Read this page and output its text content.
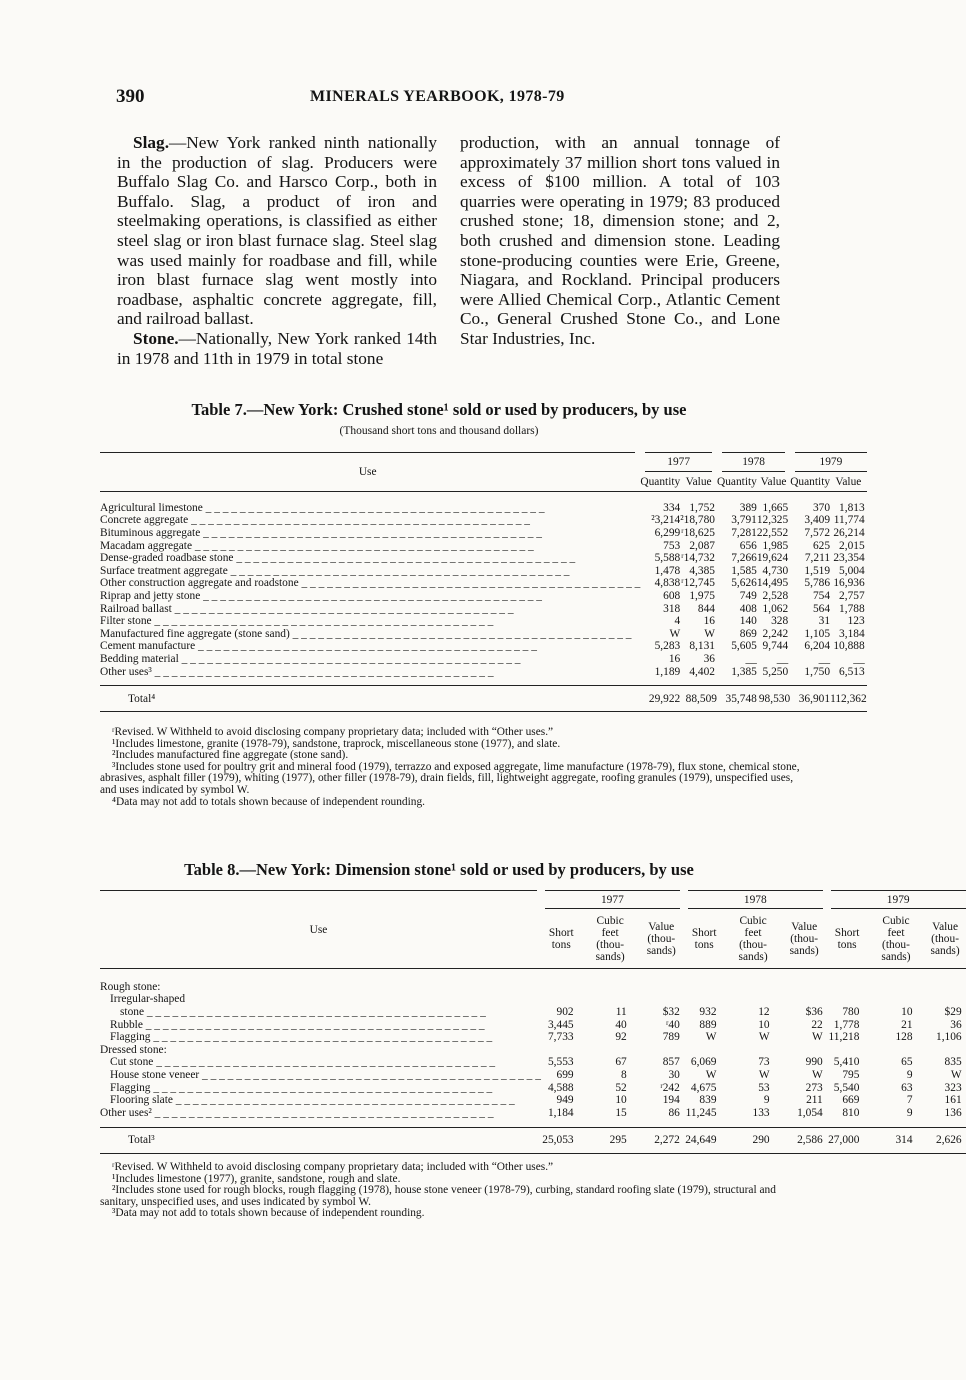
390	MINERALS YEARBOOK, 1978-79

Slag.—New York ranked ninth nationally in the production of slag. Producers were Buffalo Slag Co. and Harsco Corp., both in Buffalo. Slag, a product of iron and steelmaking operations, is classified as either steel slag or iron blast furnace slag. Steel slag was used mainly for roadbase and fill, while iron blast furnace slag went mostly into roadbase, asphaltic concrete aggregate, fill, and railroad ballast.

Stone.—Nationally, New York ranked 14th in 1978 and 11th in 1979 in total stone

production, with an annual tonnage of approximately 37 million short tons valued in excess of $100 million. A total of 103 quarries were operating in 1979; 83 produced crushed stone; 18, dimension stone; and 2, both crushed and dimension stone. Leading stone-producing counties were Erie, Greene, Niagara, and Rockland. Principal producers were Allied Chemical Corp., Atlantic Cement Co., General Crushed Stone Co., and Lone Star Industries, Inc.

Table 7.—New York: Crushed stone¹ sold or used by producers, by use
(Thousand short tons and thousand dollars)
Use	1977		1978		1979	
	Quantity	Value	Quantity	Value	Quantity	Value

Agricultural limestone _ _ _ _ _ _ _ _ _ _ _ _ _ _ _ _ _ _ _ _ _ _ _ _ _ _ _ _ _ _ _ _ _ _ _ _ _ _ _ _	334	1,752	389	1,665	370	1,813
Concrete aggregate _ _ _ _ _ _ _ _ _ _ _ _ _ _ _ _ _ _ _ _ _ _ _ _ _ _ _ _ _ _ _ _ _ _ _ _ _ _ _ _	²3,214	²18,780	3,791	12,325	3,409	11,774
Bituminous aggregate _ _ _ _ _ _ _ _ _ _ _ _ _ _ _ _ _ _ _ _ _ _ _ _ _ _ _ _ _ _ _ _ _ _ _ _ _ _ _ _	6,299	ʳ18,625	7,281	22,552	7,572	26,214
Macadam aggregate _ _ _ _ _ _ _ _ _ _ _ _ _ _ _ _ _ _ _ _ _ _ _ _ _ _ _ _ _ _ _ _ _ _ _ _ _ _ _ _	753	2,087	656	1,985	625	2,015
Dense-graded roadbase stone _ _ _ _ _ _ _ _ _ _ _ _ _ _ _ _ _ _ _ _ _ _ _ _ _ _ _ _ _ _ _ _ _ _ _ _ _ _ _ _	5,588	ʳ14,732	7,266	19,624	7,211	23,354
Surface treatment aggregate _ _ _ _ _ _ _ _ _ _ _ _ _ _ _ _ _ _ _ _ _ _ _ _ _ _ _ _ _ _ _ _ _ _ _ _ _ _ _ _	1,478	4,385	1,585	4,730	1,519	5,004
Other construction aggregate and roadstone _ _ _ _ _ _ _ _ _ _ _ _ _ _ _ _ _ _ _ _ _ _ _ _ _ _ _ _ _ _ _ _ _ _ _ _ _ _ _ _	4,838	ʳ12,745	5,626	14,495	5,786	16,936
Riprap and jetty stone _ _ _ _ _ _ _ _ _ _ _ _ _ _ _ _ _ _ _ _ _ _ _ _ _ _ _ _ _ _ _ _ _ _ _ _ _ _ _ _	608	1,975	749	2,528	754	2,757
Railroad ballast _ _ _ _ _ _ _ _ _ _ _ _ _ _ _ _ _ _ _ _ _ _ _ _ _ _ _ _ _ _ _ _ _ _ _ _ _ _ _ _	318	844	408	1,062	564	1,788
Filter stone _ _ _ _ _ _ _ _ _ _ _ _ _ _ _ _ _ _ _ _ _ _ _ _ _ _ _ _ _ _ _ _ _ _ _ _ _ _ _ _	4	16	140	328	31	123
Manufactured fine aggregate (stone sand) _ _ _ _ _ _ _ _ _ _ _ _ _ _ _ _ _ _ _ _ _ _ _ _ _ _ _ _ _ _ _ _ _ _ _ _ _ _ _ _	W	W	869	2,242	1,105	3,184
Cement manufacture _ _ _ _ _ _ _ _ _ _ _ _ _ _ _ _ _ _ _ _ _ _ _ _ _ _ _ _ _ _ _ _ _ _ _ _ _ _ _ _	5,283	8,131	5,605	9,744	6,204	10,888
Bedding material _ _ _ _ _ _ _ _ _ _ _ _ _ _ _ _ _ _ _ _ _ _ _ _ _ _ _ _ _ _ _ _ _ _ _ _ _ _ _ _	16	36	__	__	__	__
Other uses³ _ _ _ _ _ _ _ _ _ _ _ _ _ _ _ _ _ _ _ _ _ _ _ _ _ _ _ _ _ _ _ _ _ _ _ _ _ _ _ _	1,189	4,402	1,385	5,250	1,750	6,513

Total⁴	29,922	88,509	35,748	98,530	36,901	112,362

ʳRevised. W Withheld to avoid disclosing company proprietary data; included with “Other uses.”

¹Includes limestone, granite (1978-79), sandstone, traprock, miscellaneous stone (1977), and slate.

²Includes manufactured fine aggregate (stone sand).

³Includes stone used for poultry grit and mineral food (1979), terrazzo and exposed aggregate, lime manufacture (1978-79), flux stone, chemical stone, abrasives, asphalt filler (1979), whiting (1977), other filler (1978-79), drain fields, fill, lightweight aggregate, roofing granules (1979), unspecified uses, and uses indicated by symbol W.

⁴Data may not add to totals shown because of independent rounding.

Table 8.—New York: Dimension stone¹ sold or used by producers, by use
Use	1977			1978			1979		
	Short tons	Cubic feet (thou-sands)	Value (thou-sands)	Short tons	Cubic feet (thou-sands)	Value (thou-sands)	Short tons	Cubic feet (thou-sands)	Value (thou-sands)

Rough stone:									
Irregular-shaped									
stone _ _ _ _ _ _ _ _ _ _ _ _ _ _ _ _ _ _ _ _ _ _ _ _ _ _ _ _ _ _ _ _ _ _ _ _ _ _ _ _	902	11	$32	932	12	$36	780	10	$29
Rubble _ _ _ _ _ _ _ _ _ _ _ _ _ _ _ _ _ _ _ _ _ _ _ _ _ _ _ _ _ _ _ _ _ _ _ _ _ _ _ _	3,445	40	ʳ40	889	10	22	1,778	21	36
Flagging _ _ _ _ _ _ _ _ _ _ _ _ _ _ _ _ _ _ _ _ _ _ _ _ _ _ _ _ _ _ _ _ _ _ _ _ _ _ _ _	7,733	92	789	W	W	W	11,218	128	1,106
Dressed stone:									
Cut stone _ _ _ _ _ _ _ _ _ _ _ _ _ _ _ _ _ _ _ _ _ _ _ _ _ _ _ _ _ _ _ _ _ _ _ _ _ _ _ _	5,553	67	857	6,069	73	990	5,410	65	835
House stone veneer _ _ _ _ _ _ _ _ _ _ _ _ _ _ _ _ _ _ _ _ _ _ _ _ _ _ _ _ _ _ _ _ _ _ _ _ _ _ _ _	699	8	30	W	W	W	795	9	W
Flagging _ _ _ _ _ _ _ _ _ _ _ _ _ _ _ _ _ _ _ _ _ _ _ _ _ _ _ _ _ _ _ _ _ _ _ _ _ _ _ _	4,588	52	ʳ242	4,675	53	273	5,540	63	323
Flooring slate _ _ _ _ _ _ _ _ _ _ _ _ _ _ _ _ _ _ _ _ _ _ _ _ _ _ _ _ _ _ _ _ _ _ _ _ _ _ _ _	949	10	194	839	9	211	669	7	161
Other uses² _ _ _ _ _ _ _ _ _ _ _ _ _ _ _ _ _ _ _ _ _ _ _ _ _ _ _ _ _ _ _ _ _ _ _ _ _ _ _ _	1,184	15	86	11,245	133	1,054	810	9	136

Total³	25,053	295	2,272	24,649	290	2,586	27,000	314	2,626

ʳRevised. W Withheld to avoid disclosing company proprietary data; included with “Other uses.”

¹Includes limestone (1977), granite, sandstone, rough and slate.

²Includes stone used for rough blocks, rough flagging (1978), house stone veneer (1978-79), curbing, standard roofing slate (1979), structural and sanitary, unspecified uses, and uses indicated by symbol W.

³Data may not add to totals shown because of independent rounding.
